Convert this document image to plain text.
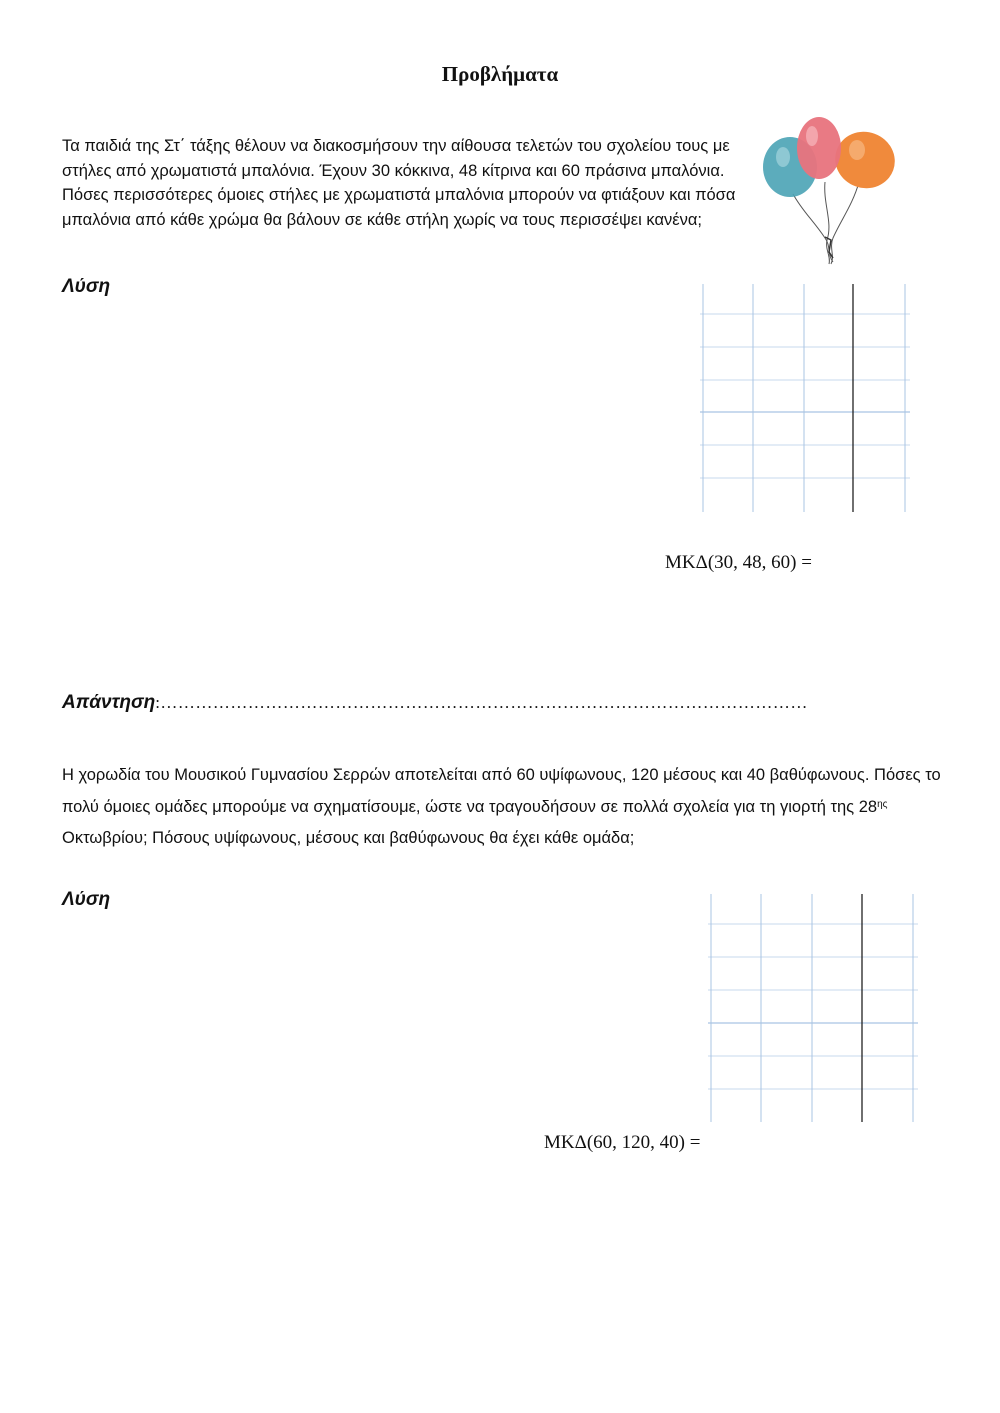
Προβλήματα
Τα παιδιά της Στ΄ τάξης θέλουν να διακοσμήσουν την αίθουσα τελετών του σχολείου τους με στήλες από χρωματιστά μπαλόνια. Έχουν 30 κόκκινα, 48 κίτρινα και 60 πράσινα μπαλόνια. Πόσες περισσότερες όμοιες στήλες με χρωματιστά μπαλόνια μπορούν να φτιάξουν και πόσα μπαλόνια από κάθε χρώμα θα βάλουν σε κάθε στήλη χωρίς να τους περισσέψει κανένα;
Λύση
ΜΚΔ(30, 48, 60) =
Απάντηση:…………………………………………………………………………………………………
Η χορωδία του Μουσικού Γυμνασίου Σερρών αποτελείται από 60 υψίφωνους, 120 μέσους και 40 βαθύφωνους. Πόσες το πολύ όμοιες ομάδες μπορούμε να σχηματίσουμε, ώστε να τραγουδήσουν σε πολλά σχολεία για τη γιορτή της $28^{\eta\varsigma}$ Οκτωβρίου; Πόσους υψίφωνους, μέσους και βαθύφωνους θα έχει κάθε ομάδα;
Λύση
ΜΚΔ(60, 120, 40) =
